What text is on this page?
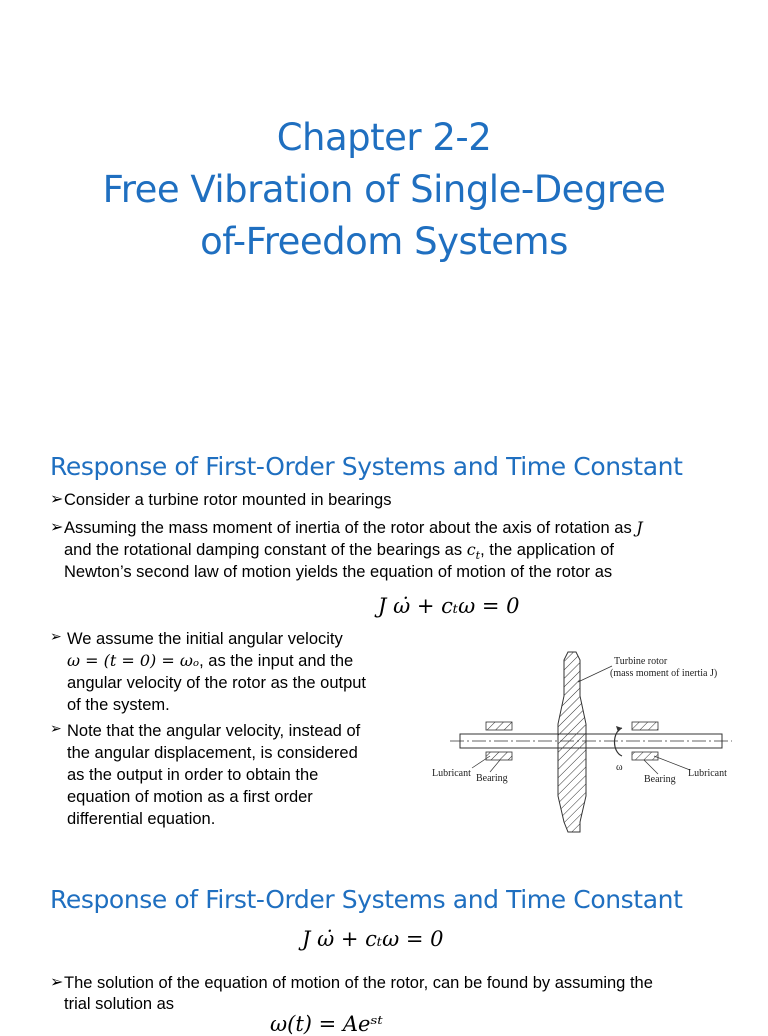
Chapter 2-2
Free Vibration of Single-Degree
of-Freedom Systems
Response of First-Order Systems and Time Constant
➢ Consider a turbine rotor mounted in bearings
➢ Assuming the mass moment of inertia of the rotor about the axis of rotation as J
and the rotational damping constant of the bearings as $c_t$, the application of
Newton’s second law of motion yields the equation of motion of the rotor as
J ω̇ + cₜω = 0
➢ We assume the initial angular velocity
ω = (t = 0) = ωₒ, as the input and the
angular velocity of the rotor as the output
of the system.
➢ Note that the angular velocity, instead of
the angular displacement, is considered
as the output in order to obtain the
equation of motion as a first order
differential equation.
Turbine rotor
(mass moment of inertia J)
Lubricant Bearing
ω
Bearing
Lubricant
Response of First-Order Systems and Time Constant
J ω̇ + cₜω = 0
➢ The solution of the equation of motion of the rotor, can be found by assuming the
trial solution as
ω(t) = Aeˢᵗ
